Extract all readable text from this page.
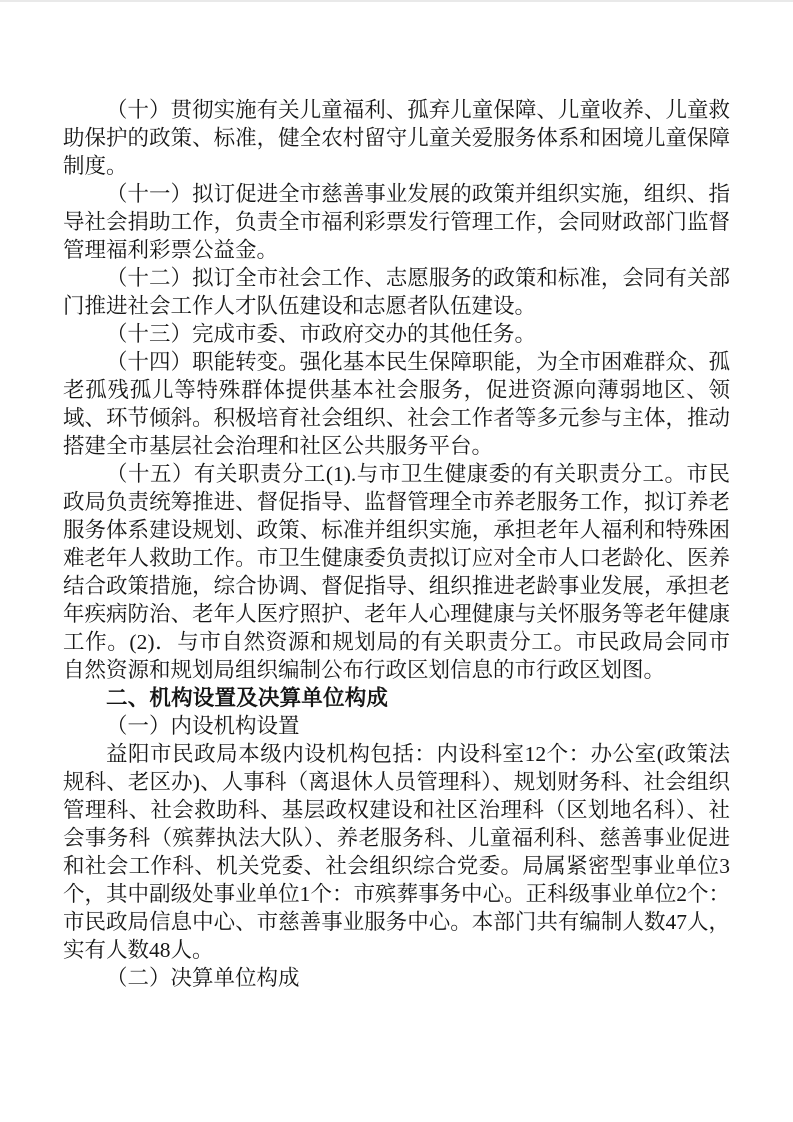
（十）贯彻实施有关儿童福利、孤弃儿童保障、儿童收养、儿童救助保护的政策、标准，健全农村留守儿童关爱服务体系和困境儿童保障制度。

（十一）拟订促进全市慈善事业发展的政策并组织实施，组织、指导社会捐助工作，负责全市福利彩票发行管理工作，会同财政部门监督管理福利彩票公益金。

（十二）拟订全市社会工作、志愿服务的政策和标准，会同有关部门推进社会工作人才队伍建设和志愿者队伍建设。

（十三）完成市委、市政府交办的其他任务。

（十四）职能转变。强化基本民生保障职能，为全市困难群众、孤老孤残孤儿等特殊群体提供基本社会服务，促进资源向薄弱地区、领域、环节倾斜。积极培育社会组织、社会工作者等多元参与主体，推动搭建全市基层社会治理和社区公共服务平台。

（十五）有关职责分工(1).与市卫生健康委的有关职责分工。市民政局负责统筹推进、督促指导、监督管理全市养老服务工作，拟订养老服务体系建设规划、政策、标准并组织实施，承担老年人福利和特殊困难老年人救助工作。市卫生健康委负责拟订应对全市人口老龄化、医养结合政策措施，综合协调、督促指导、组织推进老龄事业发展，承担老年疾病防治、老年人医疗照护、老年人心理健康与关怀服务等老年健康工作。(2)．与市自然资源和规划局的有关职责分工。市民政局会同市自然资源和规划局组织编制公布行政区划信息的市行政区划图。

二、机构设置及决算单位构成

（一）内设机构设置

益阳市民政局本级内设机构包括：内设科室12个：办公室(政策法规科、老区办)、人事科（离退休人员管理科）、规划财务科、社会组织管理科、社会救助科、基层政权建设和社区治理科（区划地名科）、社会事务科（殡葬执法大队）、养老服务科、儿童福利科、慈善事业促进和社会工作科、机关党委、社会组织综合党委。局属紧密型事业单位3个，其中副级处事业单位1个：市殡葬事务中心。正科级事业单位2个：市民政局信息中心、市慈善事业服务中心。本部门共有编制人数47人，实有人数48人。

（二）决算单位构成
